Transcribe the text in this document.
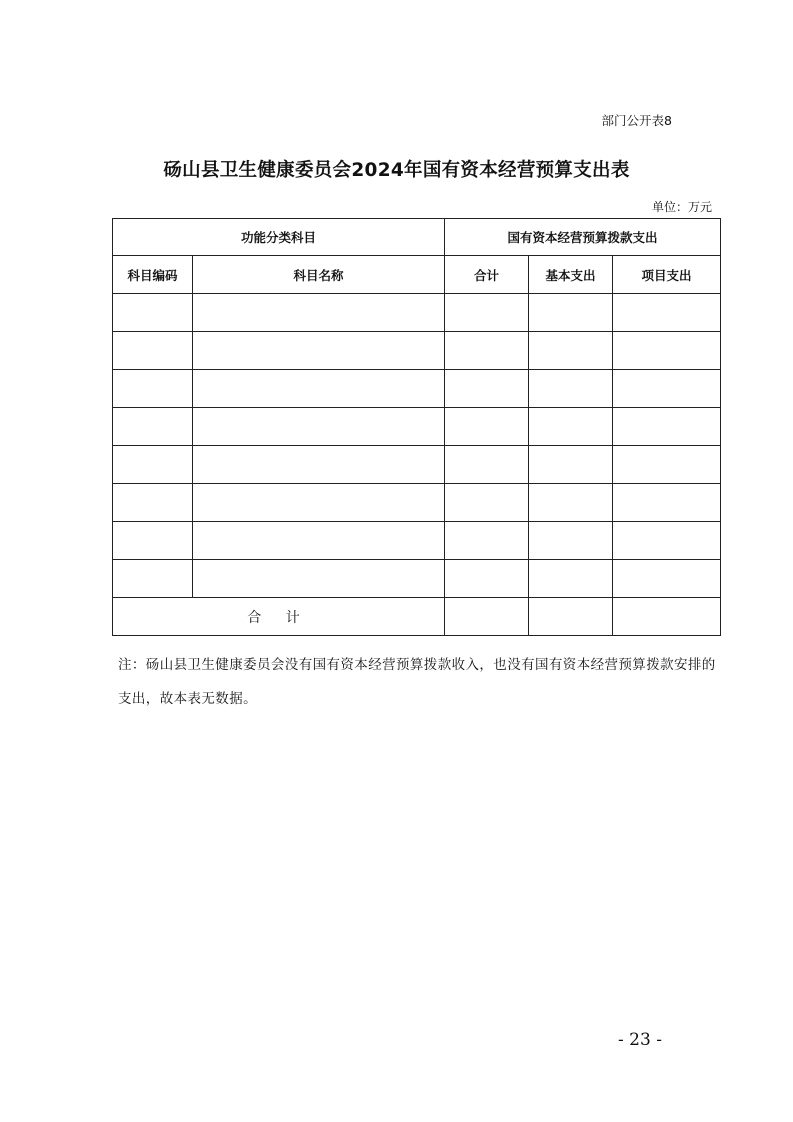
部门公开表8
砀山县卫生健康委员会2024年国有资本经营预算支出表
单位：万元
功能分类科目		国有资本经营预算拨款支出		
科目编码	科目名称	合计	基本支出	项目支出

合 计				
注：砀山县卫生健康委员会没有国有资本经营预算拨款收入，也没有国有资本经营预算拨款安排的支出，故本表无数据。
- 23 -
